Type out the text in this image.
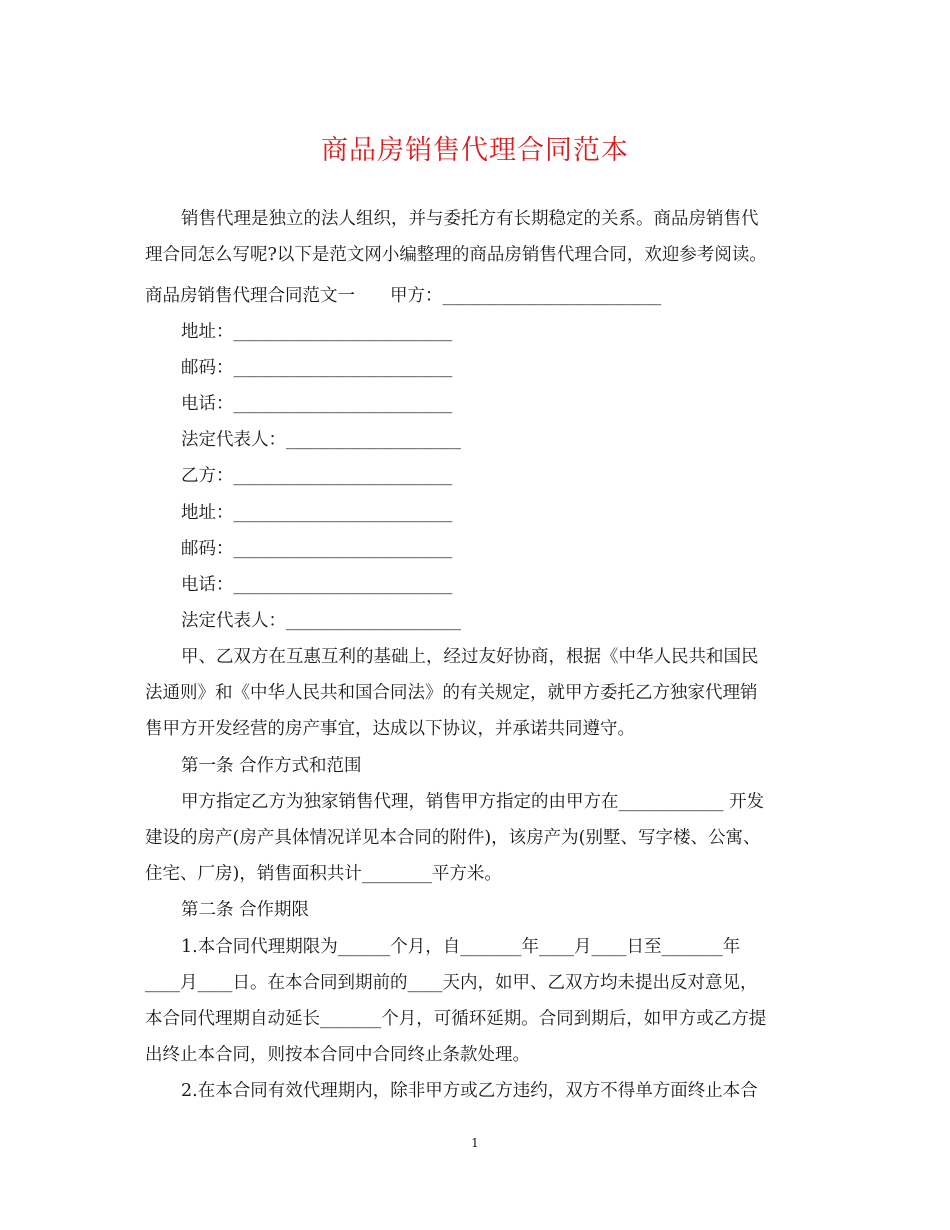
商品房销售代理合同范本
销售代理是独立的法人组织，并与委托方有长期稳定的关系。商品房销售代
理合同怎么写呢?以下是范文网小编整理的商品房销售代理合同，欢迎参考阅读。
商品房销售代理合同范文一　　甲方：_________________________
地址：_________________________
邮码：_________________________
电话：_________________________
法定代表人：____________________
乙方：_________________________
地址：_________________________
邮码：_________________________
电话：_________________________
法定代表人：____________________
甲、乙双方在互惠互利的基础上，经过友好协商，根据《中华人民共和国民
法通则》和《中华人民共和国合同法》的有关规定，就甲方委托乙方独家代理销
售甲方开发经营的房产事宜，达成以下协议，并承诺共同遵守。
第一条 合作方式和范围
甲方指定乙方为独家销售代理，销售甲方指定的由甲方在____________ 开发
建设的房产(房产具体情况详见本合同的附件)，该房产为(别墅、写字楼、公寓、
住宅、厂房)，销售面积共计________平方米。
第二条 合作期限
1.本合同代理期限为______个月，自_______年____月____日至_______年
____月____日。在本合同到期前的____天内，如甲、乙双方均未提出反对意见，
本合同代理期自动延长_______个月，可循环延期。合同到期后，如甲方或乙方提
出终止本合同，则按本合同中合同终止条款处理。
2.在本合同有效代理期内，除非甲方或乙方违约，双方不得单方面终止本合
1
